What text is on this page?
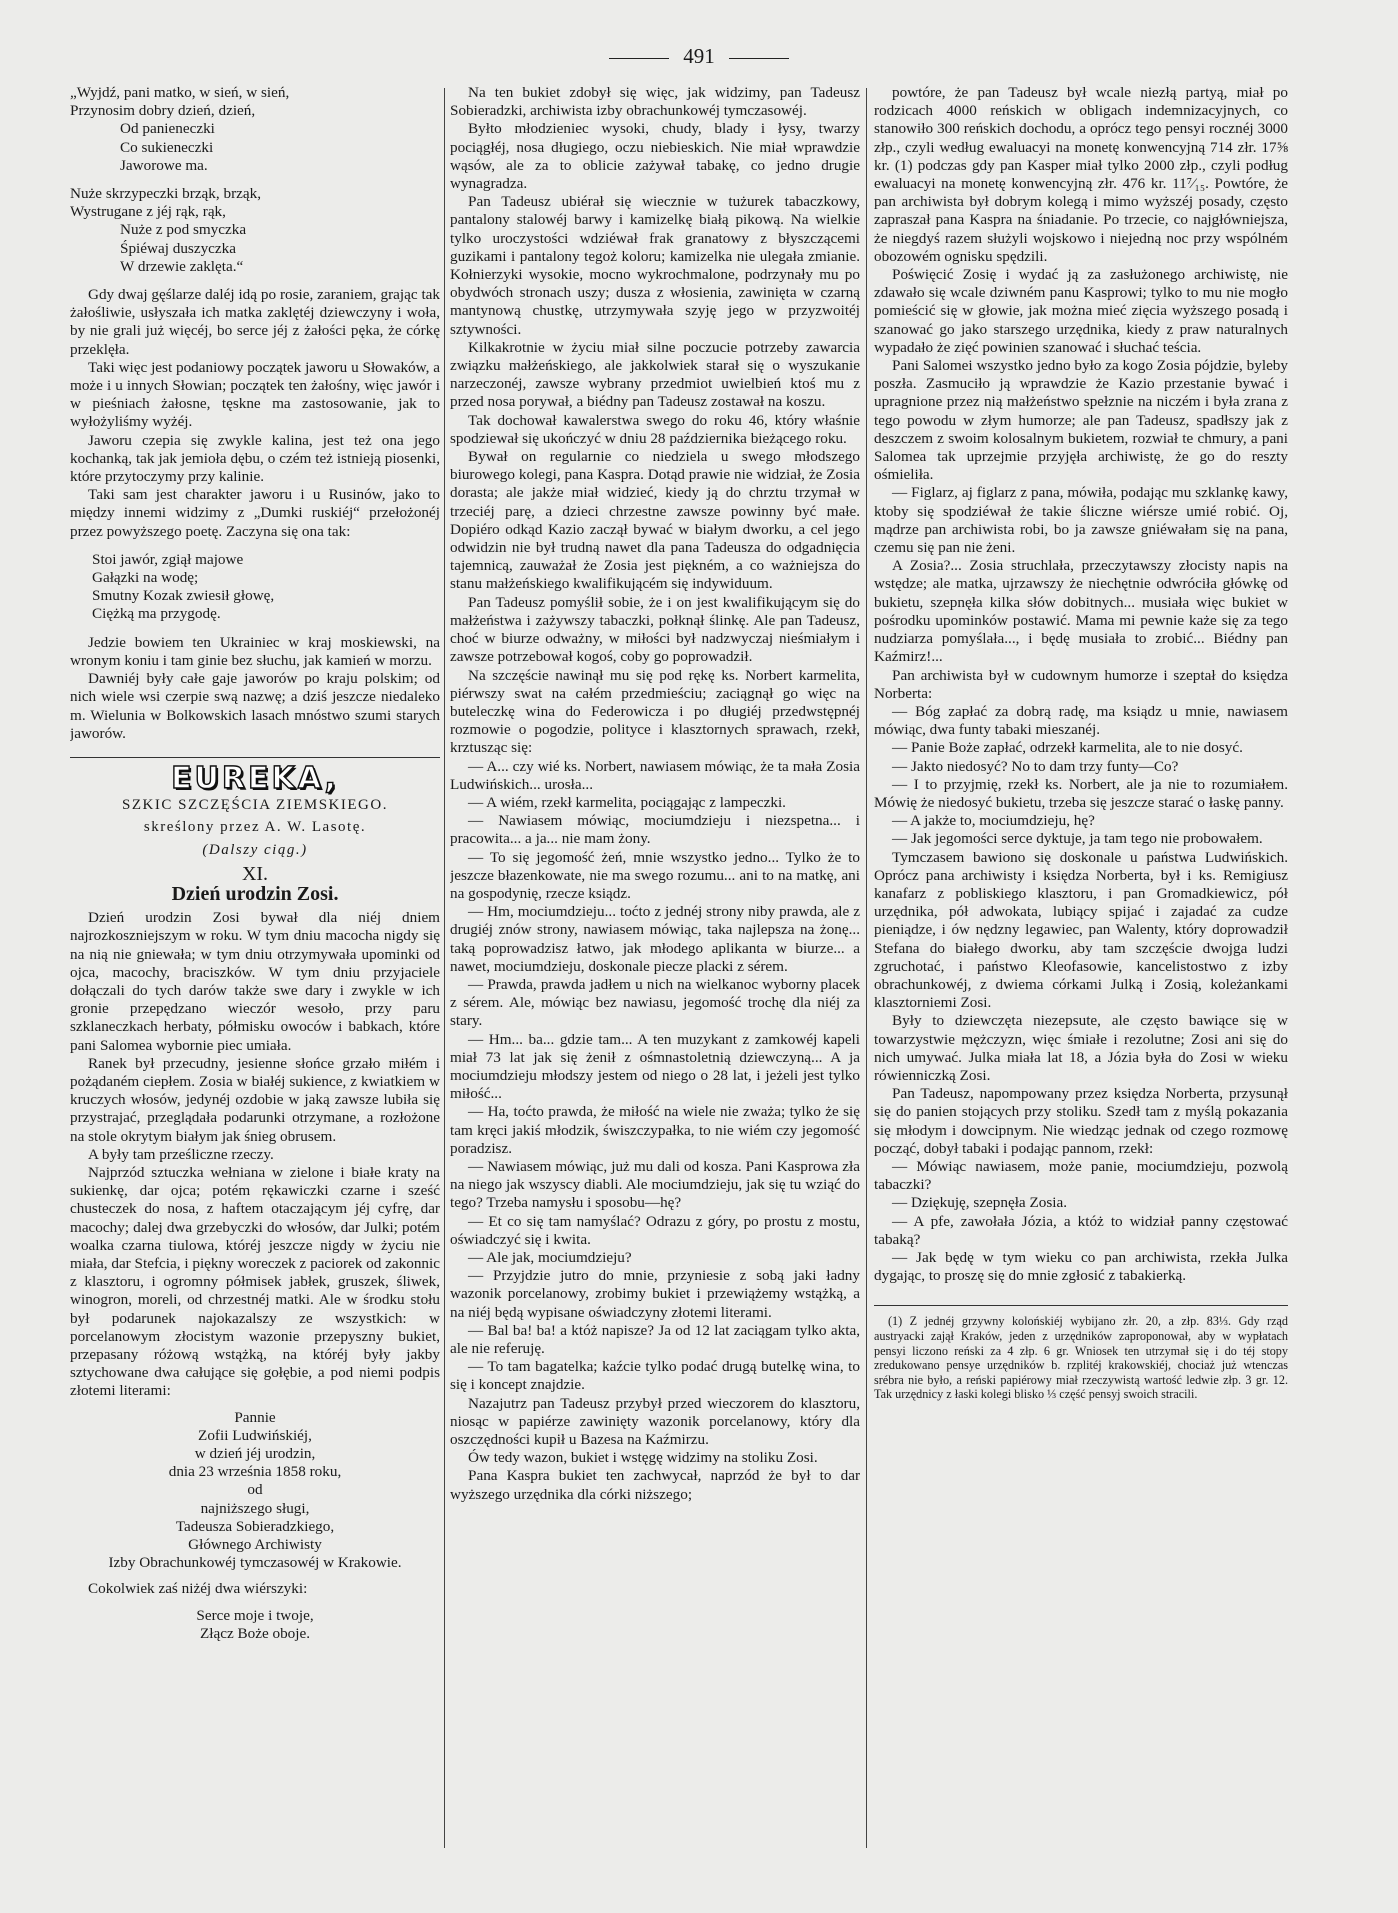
491
„Wyjdź, pani matko, w sień, w sień,
Przynosim dobry dzień, dzień,
Od panieneczki
Co sukieneczki
Jaworowe ma.
Nuże skrzypeczki brząk, brząk,
Wystrugane z jéj rąk, rąk,
Nuże z pod smyczka
Śpiéwaj duszyczka
W drzewie zaklęta.“

Gdy dwaj gęślarze daléj idą po rosie, zaraniem, grając tak żałośliwie, usłyszała ich matka zaklętéj dziewczyny i woła, by nie grali już więcéj, bo serce jéj z żałości pęka, że córkę przeklęła.

Taki więc jest podaniowy początek jaworu u Słowaków, a może i u innych Słowian; początek ten żałośny, więc jawór i w pieśniach żałosne, tęskne ma zastosowanie, jak to wyłożyliśmy wyżéj.

Jaworu czepia się zwykle kalina, jest też ona jego kochanką, tak jak jemioła dębu, o czém też istnieją piosenki, które przytoczymy przy kalinie.

Taki sam jest charakter jaworu i u Rusinów, jako to między innemi widzimy z „Dumki ruskiéj“ przełożonéj przez powyższego poetę. Zaczyna się ona tak:

Stoi jawór, zgiął majowe
Gałązki na wodę;
Smutny Kozak zwiesił głowę,
Ciężką ma przygodę.

Jedzie bowiem ten Ukrainiec w kraj moskiewski, na wronym koniu i tam ginie bez słuchu, jak kamień w morzu.

Dawniéj były całe gaje jaworów po kraju polskim; od nich wiele wsi czerpie swą nazwę; a dziś jeszcze niedaleko m. Wielunia w Bolkowskich lasach mnóstwo szumi starych jaworów.

EUREKA,
SZKIC SZCZĘŚCIA ZIEMSKIEGO.
skreślony przez A. W. Lasotę.
(Dalszy ciąg.)
XI.
Dzień urodzin Zosi.

Dzień urodzin Zosi bywał dla niéj dniem najrozkoszniejszym w roku. W tym dniu macocha nigdy się na nią nie gniewała; w tym dniu otrzymywała upominki od ojca, macochy, braciszków. W tym dniu przyjaciele dołączali do tych darów także swe dary i zwykle w ich gronie przepędzano wieczór wesoło, przy paru szklaneczkach herbaty, półmisku owoców i babkach, które pani Salomea wybornie piec umiała.

Ranek był przecudny, jesienne słońce grzało miłém i pożądaném ciepłem. Zosia w białéj sukience, z kwiatkiem w kruczych włosów, jedynéj ozdobie w jaką zawsze lubiła się przystrajać, przeglądała podarunki otrzymane, a rozłożone na stole okrytym białym jak śnieg obrusem.

A były tam prześliczne rzeczy.

Najprzód sztuczka wełniana w zielone i białe kraty na sukienkę, dar ojca; potém rękawiczki czarne i sześć chusteczek do nosa, z haftem otaczającym jéj cyfrę, dar macochy; dalej dwa grzebyczki do włosów, dar Julki; potém woalka czarna tiulowa, któréj jeszcze nigdy w życiu nie miała, dar Stefcia, i piękny woreczek z paciorek od zakonnic z klasztoru, i ogromny półmisek jabłek, gruszek, śliwek, winogron, moreli, od chrzestnéj matki. Ale w środku stołu był podarunek najokazalszy ze wszystkich: w porcelanowym złocistym wazonie przepyszny bukiet, przepasany różową wstążką, na któréj były jakby sztychowane dwa całujące się gołębie, a pod niemi podpis złotemi literami:

Pannie
Zofii Ludwińskiéj,
w dzień jéj urodzin,
dnia 23 września 1858 roku,
od
najniższego sługi,
Tadeusza Sobieradzkiego,
Głównego Archiwisty
Izby Obrachunkowéj tymczasowéj w Krakowie.

Cokolwiek zaś niżéj dwa wiérszyki:

Serce moje i twoje,
Złącz Boże oboje.

Na ten bukiet zdobył się więc, jak widzimy, pan Tadeusz Sobieradzki, archiwista izby obrachunkowéj tymczasowéj.

Byłto młodzieniec wysoki, chudy, blady i łysy, twarzy pociągłéj, nosa długiego, oczu niebieskich. Nie miał wprawdzie wąsów, ale za to oblicie zażywał tabakę, co jedno drugie wynagradza.

Pan Tadeusz ubiérał się wiecznie w tużurek tabaczkowy, pantalony stalowéj barwy i kamizelkę białą pikową. Na wielkie tylko uroczystości wdziéwał frak granatowy z błyszczącemi guzikami i pantalony tegoż koloru; kamizelka nie ulegała zmianie. Kołnierzyki wysokie, mocno wykrochmalone, podrzynały mu po obydwóch stronach uszy; dusza z włosienia, zawinięta w czarną mantynową chustkę, utrzymywała szyję jego w przyzwoitéj sztywności.

Kilkakrotnie w życiu miał silne poczucie potrzeby zawarcia związku małżeńskiego, ale jakkolwiek starał się o wyszukanie narzeczonéj, zawsze wybrany przedmiot uwielbień ktoś mu z przed nosa porywał, a biédny pan Tadeusz zostawał na koszu.

Tak dochował kawalerstwa swego do roku 46, który właśnie spodziewał się ukończyć w dniu 28 października bieżącego roku.

Bywał on regularnie co niedziela u swego młodszego biurowego kolegi, pana Kaspra. Dotąd prawie nie widział, że Zosia dorasta; ale jakże miał widzieć, kiedy ją do chrztu trzymał w trzeciéj parę, a dzieci chrzestne zawsze powinny być małe. Dopiéro odkąd Kazio zaczął bywać w białym dworku, a cel jego odwidzin nie był trudną nawet dla pana Tadeusza do odgadnięcia tajemnicą, zauważał że Zosia jest piękném, a co ważniejsza do stanu małżeńskiego kwalifikującém się indywiduum.

Pan Tadeusz pomyślił sobie, że i on jest kwalifikującym się do małżeństwa i zażywszy tabaczki, połknął ślinkę. Ale pan Tadeusz, choć w biurze odważny, w miłości był nadzwyczaj nieśmiałym i zawsze potrzebował kogoś, coby go poprowadził.

Na szczęście nawinął mu się pod rękę ks. Norbert karmelita, piérwszy swat na całém przedmieściu; zaciągnął go więc na buteleczkę wina do Federowicza i po długiéj przedwstępnéj rozmowie o pogodzie, polityce i klasztornych sprawach, rzekł, krztusząc się:

— A... czy wié ks. Norbert, nawiasem mówiąc, że ta mała Zosia Ludwińskich... urosła...

— A wiém, rzekł karmelita, pociągając z lampeczki.

— Nawiasem mówiąc, mociumdzieju i niezspetna... i pracowita... a ja... nie mam żony.

— To się jegomość żeń, mnie wszystko jedno... Tylko że to jeszcze błazenkowate, nie ma swego rozumu... ani to na matkę, ani na gospodynię, rzecze ksiądz.

— Hm, mociumdzieju... toćto z jednéj strony niby prawda, ale z drugiéj znów strony, nawiasem mówiąc, taka najlepsza na żonę... taką poprowadzisz łatwo, jak młodego aplikanta w biurze... a nawet, mociumdzieju, doskonale piecze placki z sérem.

— Prawda, prawda jadłem u nich na wielkanoc wyborny placek z sérem. Ale, mówiąc bez nawiasu, jegomość trochę dla niéj za stary.

— Hm... ba... gdzie tam... A ten muzykant z zamkowéj kapeli miał 73 lat jak się żenił z ośmnastoletnią dziewczyną... A ja mociumdzieju młodszy jestem od niego o 28 lat, i jeżeli jest tylko miłość...

— Ha, toćto prawda, że miłość na wiele nie zważa; tylko że się tam kręci jakiś młodzik, świszczypałka, to nie wiém czy jegomość poradzisz.

— Nawiasem mówiąc, już mu dali od kosza. Pani Kasprowa zła na niego jak wszyscy diabli. Ale mociumdzieju, jak się tu wziąć do tego? Trzeba namysłu i sposobu—hę?

— Et co się tam namyślać? Odrazu z góry, po prostu z mostu, oświadczyć się i kwita.

— Ale jak, mociumdzieju?

— Przyjdzie jutro do mnie, przyniesie z sobą jaki ładny wazonik porcelanowy, zrobimy bukiet i przewiążemy wstążką, a na niéj będą wypisane oświadczyny złotemi literami.

— Bal ba! ba! a któż napisze? Ja od 12 lat zaciągam tylko akta, ale nie referuję.

— To tam bagatelka; kaźcie tylko podać drugą butelkę wina, to się i koncept znajdzie.

Nazajutrz pan Tadeusz przybył przed wieczorem do klasztoru, niosąc w papiérze zawinięty wazonik porcelanowy, który dla oszczędności kupił u Bazesa na Kaźmirzu.

Ów tedy wazon, bukiet i wstęgę widzimy na stoliku Zosi.

Pana Kaspra bukiet ten zachwycał, naprzód że był to dar wyższego urzędnika dla córki niższego;

powtóre, że pan Tadeusz był wcale niezłą partyą, miał po rodzicach 4000 reńskich w obligach indemnizacyjnych, co stanowiło 300 reńskich dochodu, a oprócz tego pensyi rocznéj 3000 złp., czyli według ewaluacyi na monetę konwencyjną 714 złr. 17⅝ kr. (1) podczas gdy pan Kasper miał tylko 2000 złp., czyli podług ewaluacyi na monetę konwencyjną złr. 476 kr. 11⁷⁄₁₅. Powtóre, że pan archiwista był dobrym kolegą i mimo wyższéj posady, często zapraszał pana Kaspra na śniadanie. Po trzecie, co najgłówniejsza, że niegdyś razem służyli wojskowo i niejedną noc przy wspólném obozowém ognisku spędzili.

Poświęcić Zosię i wydać ją za zasłużonego archiwistę, nie zdawało się wcale dziwném panu Kasprowi; tylko to mu nie mogło pomieścić się w głowie, jak można mieć zięcia wyższego posadą i szanować go jako starszego urzędnika, kiedy z praw naturalnych wypadało że zięć powinien szanować i słuchać teścia.

Pani Salomei wszystko jedno było za kogo Zosia pójdzie, byleby poszła. Zasmuciło ją wprawdzie że Kazio przestanie bywać i upragnione przez nią małżeństwo spełznie na niczém i była zrana z tego powodu w złym humorze; ale pan Tadeusz, spadłszy jak z deszczem z swoim kolosalnym bukietem, rozwiał te chmury, a pani Salomea tak uprzejmie przyjęła archiwistę, że go do reszty ośmieliła.

— Figlarz, aj figlarz z pana, mówiła, podając mu szklankę kawy, ktoby się spodziéwał że takie śliczne wiérsze umié robić. Oj, mądrze pan archiwista robi, bo ja zawsze gniéwałam się na pana, czemu się pan nie żeni.

A Zosia?... Zosia struchlała, przeczytawszy złocisty napis na wstędze; ale matka, ujrzawszy że niechętnie odwróciła główkę od bukietu, szepnęła kilka słów dobitnych... musiała więc bukiet w pośrodku upominków postawić. Mama mi pewnie każe się za tego nudziarza pomyślała..., i będę musiała to zrobić... Biédny pan Kaźmirz!...

Pan archiwista był w cudownym humorze i szeptał do księdza Norberta:

— Bóg zapłać za dobrą radę, ma ksiądz u mnie, nawiasem mówiąc, dwa funty tabaki mieszanéj.

— Panie Boże zapłać, odrzekł karmelita, ale to nie dosyć.

— Jakto niedosyć? No to dam trzy funty—Co?

— I to przyjmię, rzekł ks. Norbert, ale ja nie to rozumiałem. Mówię że niedosyć bukietu, trzeba się jeszcze starać o łaskę panny.

— A jakże to, mociumdzieju, hę?

— Jak jegomości serce dyktuje, ja tam tego nie probowałem.

Tymczasem bawiono się doskonale u państwa Ludwińskich. Oprócz pana archiwisty i księdza Norberta, był i ks. Remigiusz kanafarz z pobliskiego klasztoru, i pan Gromadkiewicz, pół urzędnika, pół adwokata, lubiący spijać i zajadać za cudze pieniądze, i ów nędzny legawiec, pan Walenty, który doprowadził Stefana do białego dworku, aby tam szczęście dwojga ludzi zgruchotać, i państwo Kleofasowie, kancelistostwo z izby obrachunkowéj, z dwiema córkami Julką i Zosią, koleżankami klasztorniemi Zosi.

Były to dziewczęta niezepsute, ale często bawiące się w towarzystwie mężczyzn, więc śmiałe i rezolutne; Zosi ani się do nich umywać. Julka miała lat 18, a Józia była do Zosi w wieku rówienniczką Zosi.

Pan Tadeusz, napompowany przez księdza Norberta, przysunął się do panien stojących przy stoliku. Szedł tam z myślą pokazania się młodym i dowcipnym. Nie wiedząc jednak od czego rozmowę począć, dobył tabaki i podając pannom, rzekł:

— Mówiąc nawiasem, może panie, mociumdzieju, pozwolą tabaczki?

— Dziękuję, szepnęła Zosia.

— A pfe, zawołała Józia, a któż to widział panny częstować tabaką?

— Jak będę w tym wieku co pan archiwista, rzekła Julka dygając, to proszę się do mnie zgłosić z tabakierką.

(1) Z jednéj grzywny kolońskiéj wybijano złr. 20, a złp. 83⅓. Gdy rząd austryacki zajął Kraków, jeden z urzędników zaproponował, aby w wypłatach pensyi liczono reński za 4 złp. 6 gr. Wniosek ten utrzymał się i do téj stopy zredukowano pensye urzędników b. rzplitéj krakowskiéj, chociaż już wtenczas srébra nie było, a reński papiérowy miał rzeczywistą wartość ledwie złp. 3 gr. 12. Tak urzędnicy z łaski kolegi blisko ⅓ część pensyj swoich stracili.
